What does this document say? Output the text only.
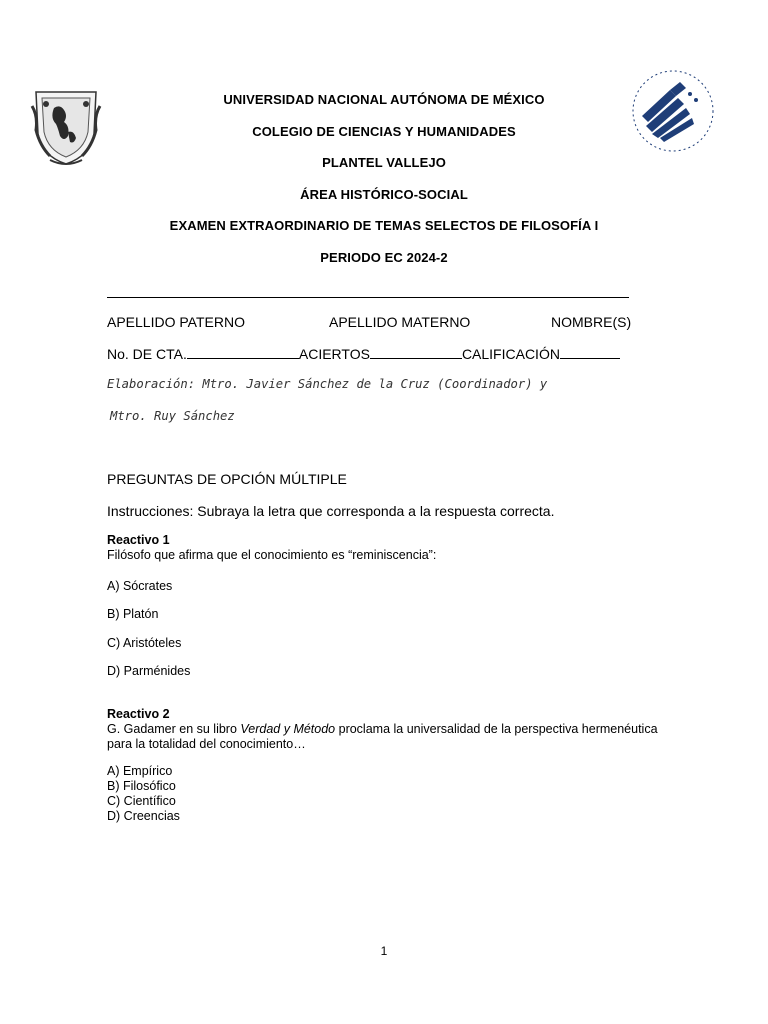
UNIVERSIDAD NACIONAL AUTÓNOMA DE MÉXICO
COLEGIO DE CIENCIAS Y HUMANIDADES
PLANTEL VALLEJO
ÁREA HISTÓRICO-SOCIAL
EXAMEN EXTRAORDINARIO DE TEMAS SELECTOS DE FILOSOFÍA I
PERIODO EC 2024-2
APELLIDO PATERNO	APELLIDO MATERNO	NOMBRE(S)
No. DE CTA.	ACIERTOS	CALIFICACIÓN
Elaboración: Mtro. Javier Sánchez de la Cruz (Coordinador) y
Mtro. Ruy Sánchez
PREGUNTAS DE OPCIÓN MÚLTIPLE
Instrucciones: Subraya la letra que corresponda a la respuesta correcta.
Reactivo 1
Filósofo que afirma que el conocimiento es “reminiscencia”:
A) Sócrates
B) Platón
C) Aristóteles
D) Parménides
Reactivo 2
G. Gadamer en su libro Verdad y Método proclama la universalidad de la perspectiva hermenéutica
para la totalidad del conocimiento…
A) Empírico
B) Filosófico
C) Científico
D) Creencias
1
